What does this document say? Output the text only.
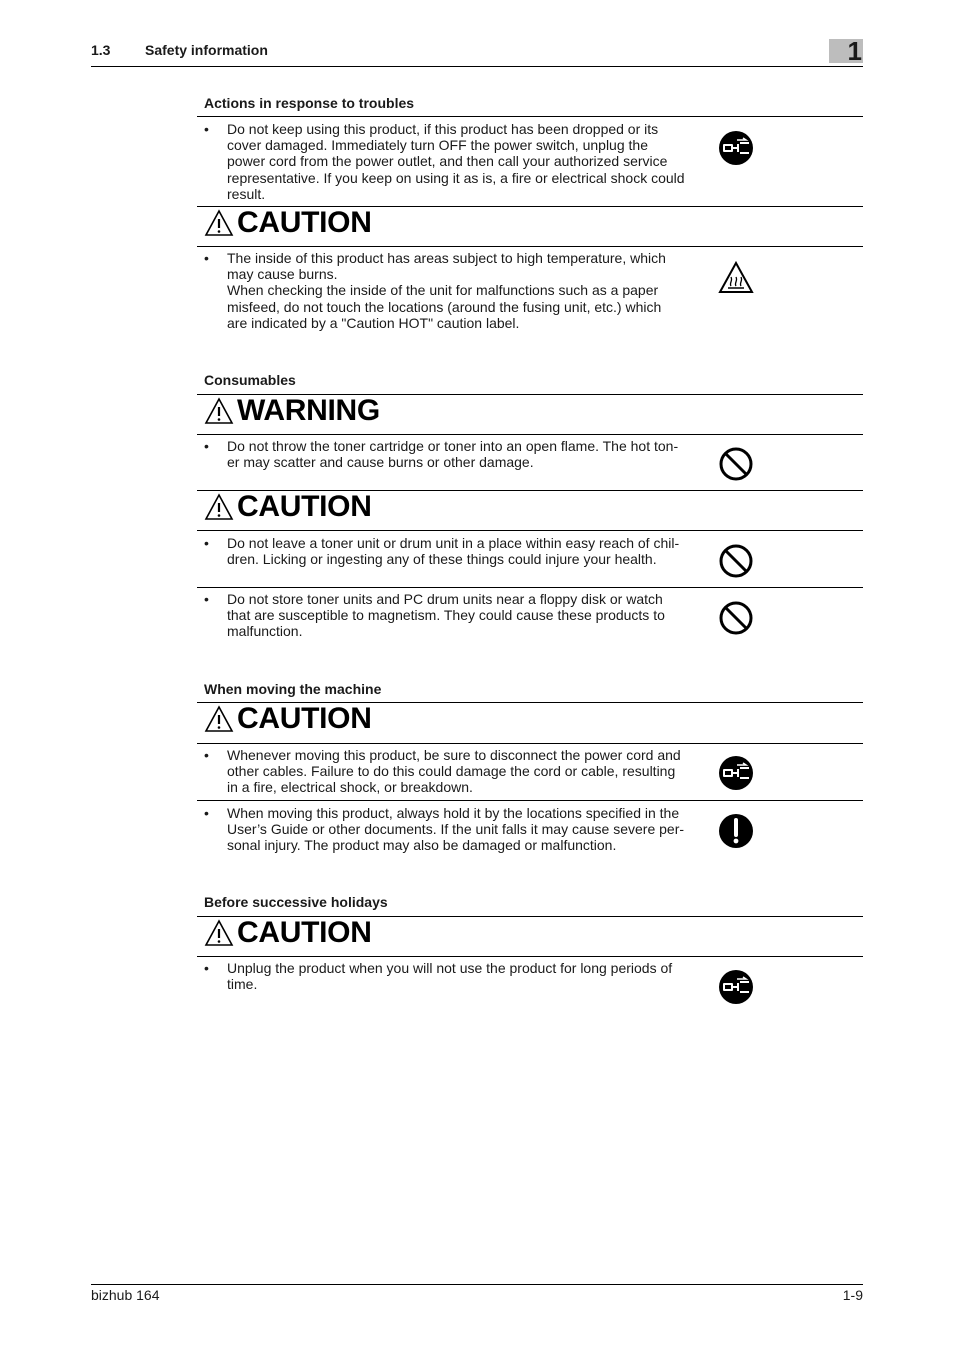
1.3 Safety information	1
Actions in response to troubles
• Do not keep using this product, if this product has been dropped or its
cover damaged. Immediately turn OFF the power switch, unplug the
power cord from the power outlet, and then call your authorized service
representative. If you keep on using it as is, a fire or electrical shock could
result.
CAUTION
• The inside of this product has areas subject to high temperature, which
may cause burns.
When checking the inside of the unit for malfunctions such as a paper
misfeed, do not touch the locations (around the fusing unit, etc.) which
are indicated by a "Caution HOT" caution label.
Consumables
WARNING
• Do not throw the toner cartridge or toner into an open flame. The hot ton-
er may scatter and cause burns or other damage.
CAUTION
• Do not leave a toner unit or drum unit in a place within easy reach of chil-
dren. Licking or ingesting any of these things could injure your health.
• Do not store toner units and PC drum units near a floppy disk or watch
that are susceptible to magnetism. They could cause these products to
malfunction.
When moving the machine
CAUTION
• Whenever moving this product, be sure to disconnect the power cord and
other cables. Failure to do this could damage the cord or cable, resulting
in a fire, electrical shock, or breakdown.
• When moving this product, always hold it by the locations specified in the
User’s Guide or other documents. If the unit falls it may cause severe per-
sonal injury. The product may also be damaged or malfunction.
Before successive holidays
CAUTION
• Unplug the product when you will not use the product for long periods of
time.
bizhub 164	1-9
